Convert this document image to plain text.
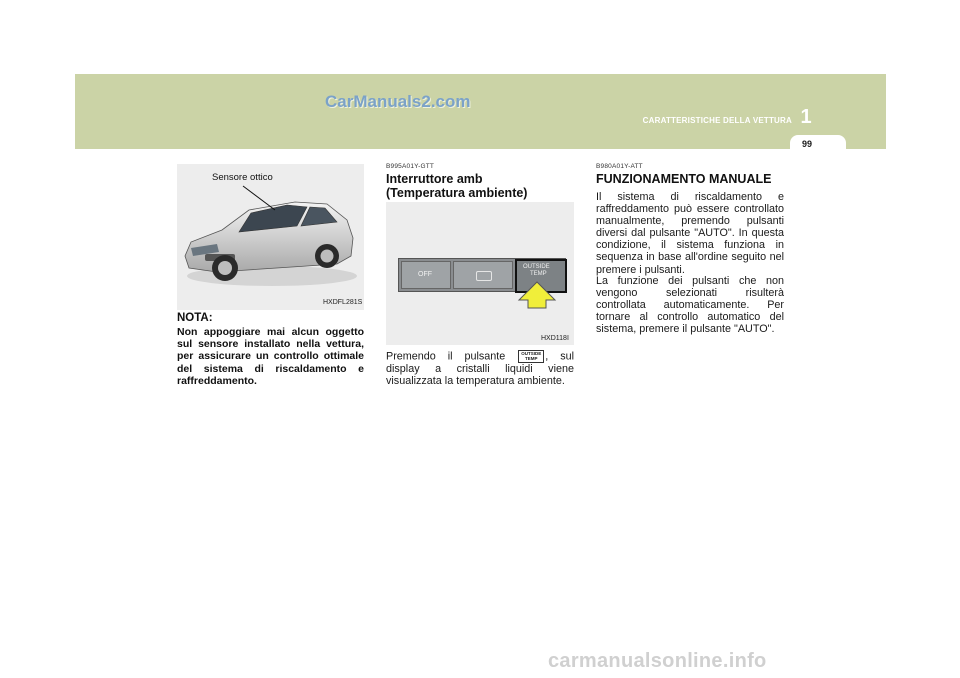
CarManuals2.com
CARATTERISTICHE DELLA VETTURA 1
99
Sensore ottico
HXDFL281S
NOTA:
Non appoggiare mai alcun oggetto sul sensore installato nella vettura, per assicurare un controllo ottimale del sistema di riscaldamento e raffreddamento.
B995A01Y-GTT
Interruttore amb
(Temperatura ambiente)
OFF
OUTSIDE
TEMP
HXD118I
Premendo il pulsante	OUTSIDE
TEMP , sul display a cristalli liquidi viene visualizzata la temperatura ambiente.
B980A01Y-ATT
FUNZIONAMENTO MANUALE
Il sistema di riscaldamento e raffreddamento può essere controllato manualmente, premendo pulsanti diversi dal pulsante "AUTO". In questa condizione, il sistema funziona in sequenza in base all'ordine seguito nel premere i pulsanti.
La funzione dei pulsanti che non vengono selezionati risulterà controllata automaticamente. Per tornare al controllo automatico del sistema, premere il pulsante "AUTO".
carmanualsonline.info
